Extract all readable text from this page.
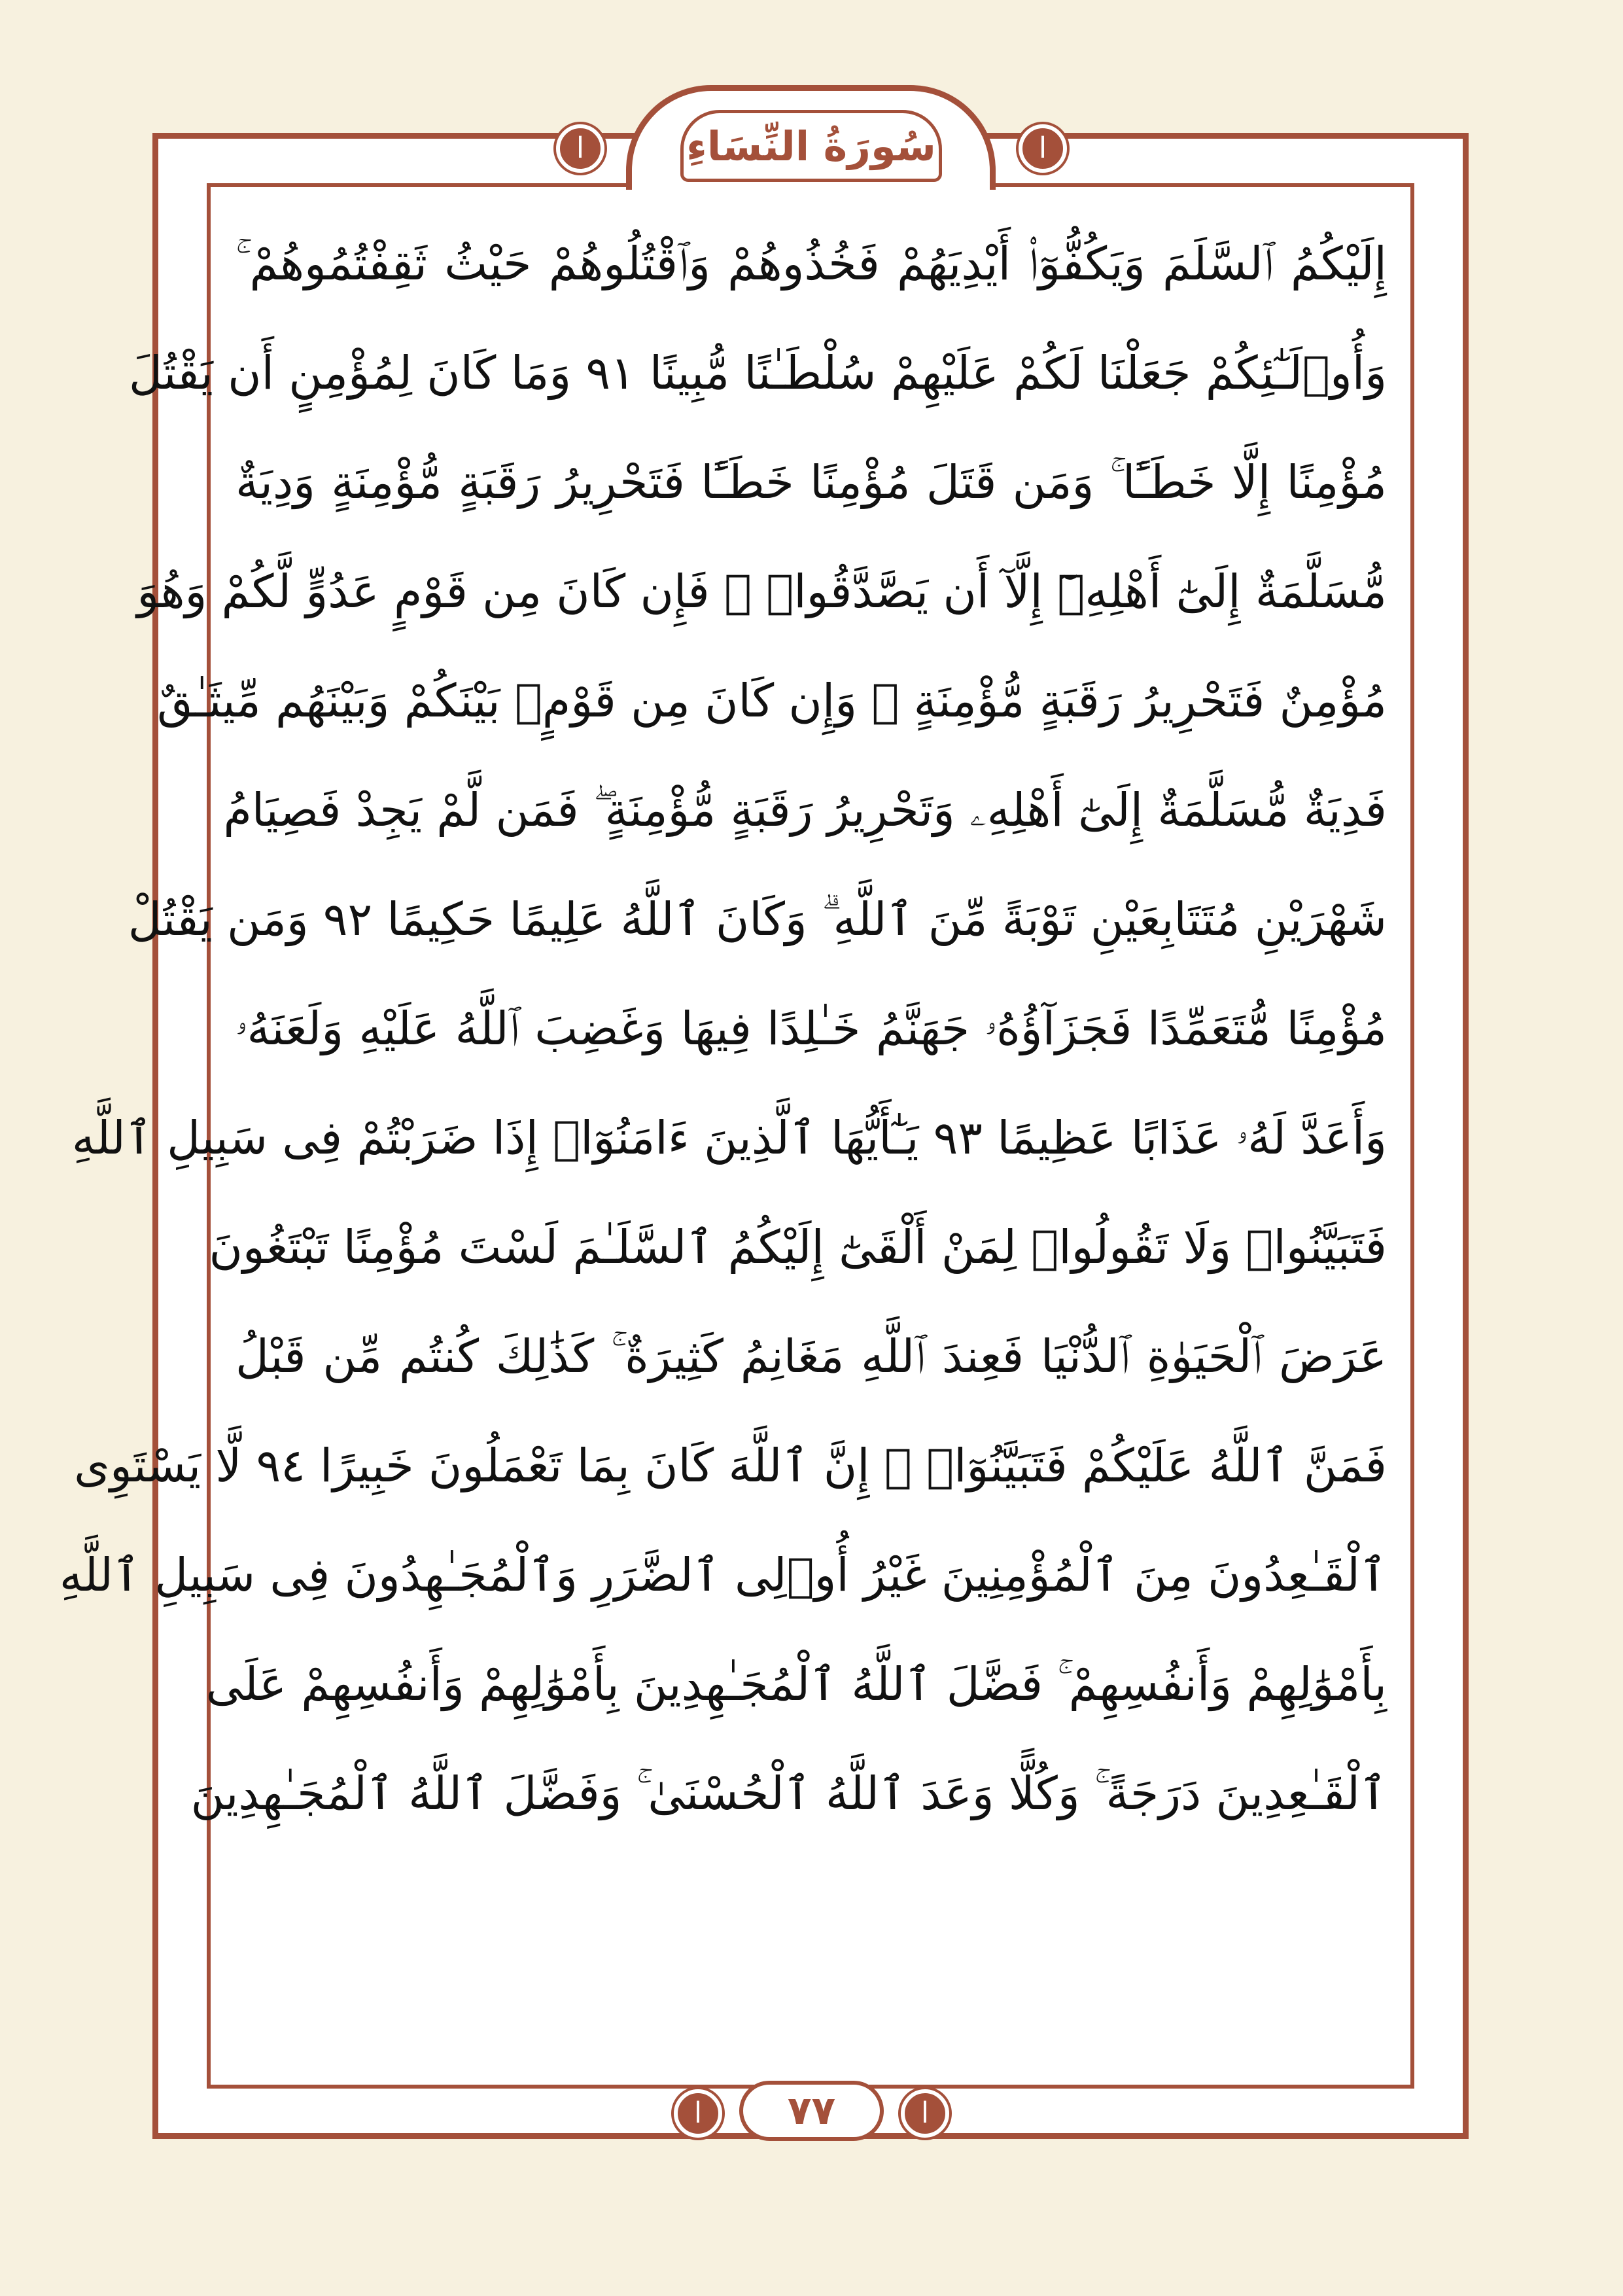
سُورَةُ النِّسَاءِ
ا	ا
ا	ا
إِلَيْكُمُ ٱلسَّلَمَ وَيَكُفُّوٓا۟ أَيْدِيَهُمْ فَخُذُوهُمْ وَٱقْتُلُوهُمْ حَيْثُ ثَقِفْتُمُوهُمْ ۚ
وَأُو۟لَـٰٓئِكُمْ جَعَلْنَا لَكُمْ عَلَيْهِمْ سُلْطَـٰنًا مُّبِينًا ٩١ وَمَا كَانَ لِمُؤْمِنٍ أَن يَقْتُلَ
مُؤْمِنًا إِلَّا خَطَـًٔا ۚ وَمَن قَتَلَ مُؤْمِنًا خَطَـًٔا فَتَحْرِيرُ رَقَبَةٍ مُّؤْمِنَةٍ وَدِيَةٌ
مُّسَلَّمَةٌ إِلَىٰٓ أَهْلِهِۦٓ إِلَّآ أَن يَصَّدَّقُوا۟ ۚ فَإِن كَانَ مِن قَوْمٍ عَدُوٍّ لَّكُمْ وَهُوَ
مُؤْمِنٌ فَتَحْرِيرُ رَقَبَةٍ مُّؤْمِنَةٍ ۖ وَإِن كَانَ مِن قَوْمٍۭ بَيْنَكُمْ وَبَيْنَهُم مِّيثَـٰقٌ
فَدِيَةٌ مُّسَلَّمَةٌ إِلَىٰٓ أَهْلِهِۦ وَتَحْرِيرُ رَقَبَةٍ مُّؤْمِنَةٍ ۖ فَمَن لَّمْ يَجِدْ فَصِيَامُ
شَهْرَيْنِ مُتَتَابِعَيْنِ تَوْبَةً مِّنَ ٱللَّهِ ۗ وَكَانَ ٱللَّهُ عَلِيمًا حَكِيمًا ٩٢ وَمَن يَقْتُلْ
مُؤْمِنًا مُّتَعَمِّدًا فَجَزَآؤُهُۥ جَهَنَّمُ خَـٰلِدًا فِيهَا وَغَضِبَ ٱللَّهُ عَلَيْهِ وَلَعَنَهُۥ
وَأَعَدَّ لَهُۥ عَذَابًا عَظِيمًا ٩٣ يَـٰٓأَيُّهَا ٱلَّذِينَ ءَامَنُوٓا۟ إِذَا ضَرَبْتُمْ فِى سَبِيلِ ٱللَّهِ
فَتَبَيَّنُوا۟ وَلَا تَقُولُوا۟ لِمَنْ أَلْقَىٰٓ إِلَيْكُمُ ٱلسَّلَـٰمَ لَسْتَ مُؤْمِنًا تَبْتَغُونَ
عَرَضَ ٱلْحَيَوٰةِ ٱلدُّنْيَا فَعِندَ ٱللَّهِ مَغَانِمُ كَثِيرَةٌ ۚ كَذَٰلِكَ كُنتُم مِّن قَبْلُ
فَمَنَّ ٱللَّهُ عَلَيْكُمْ فَتَبَيَّنُوٓا۟ ۚ إِنَّ ٱللَّهَ كَانَ بِمَا تَعْمَلُونَ خَبِيرًا ٩٤ لَّا يَسْتَوِى
ٱلْقَـٰعِدُونَ مِنَ ٱلْمُؤْمِنِينَ غَيْرُ أُو۟لِى ٱلضَّرَرِ وَٱلْمُجَـٰهِدُونَ فِى سَبِيلِ ٱللَّهِ
بِأَمْوَٰلِهِمْ وَأَنفُسِهِمْ ۚ فَضَّلَ ٱللَّهُ ٱلْمُجَـٰهِدِينَ بِأَمْوَٰلِهِمْ وَأَنفُسِهِمْ عَلَى
ٱلْقَـٰعِدِينَ دَرَجَةً ۚ وَكُلًّا وَعَدَ ٱللَّهُ ٱلْحُسْنَىٰ ۚ وَفَضَّلَ ٱللَّهُ ٱلْمُجَـٰهِدِينَ
٧٧
